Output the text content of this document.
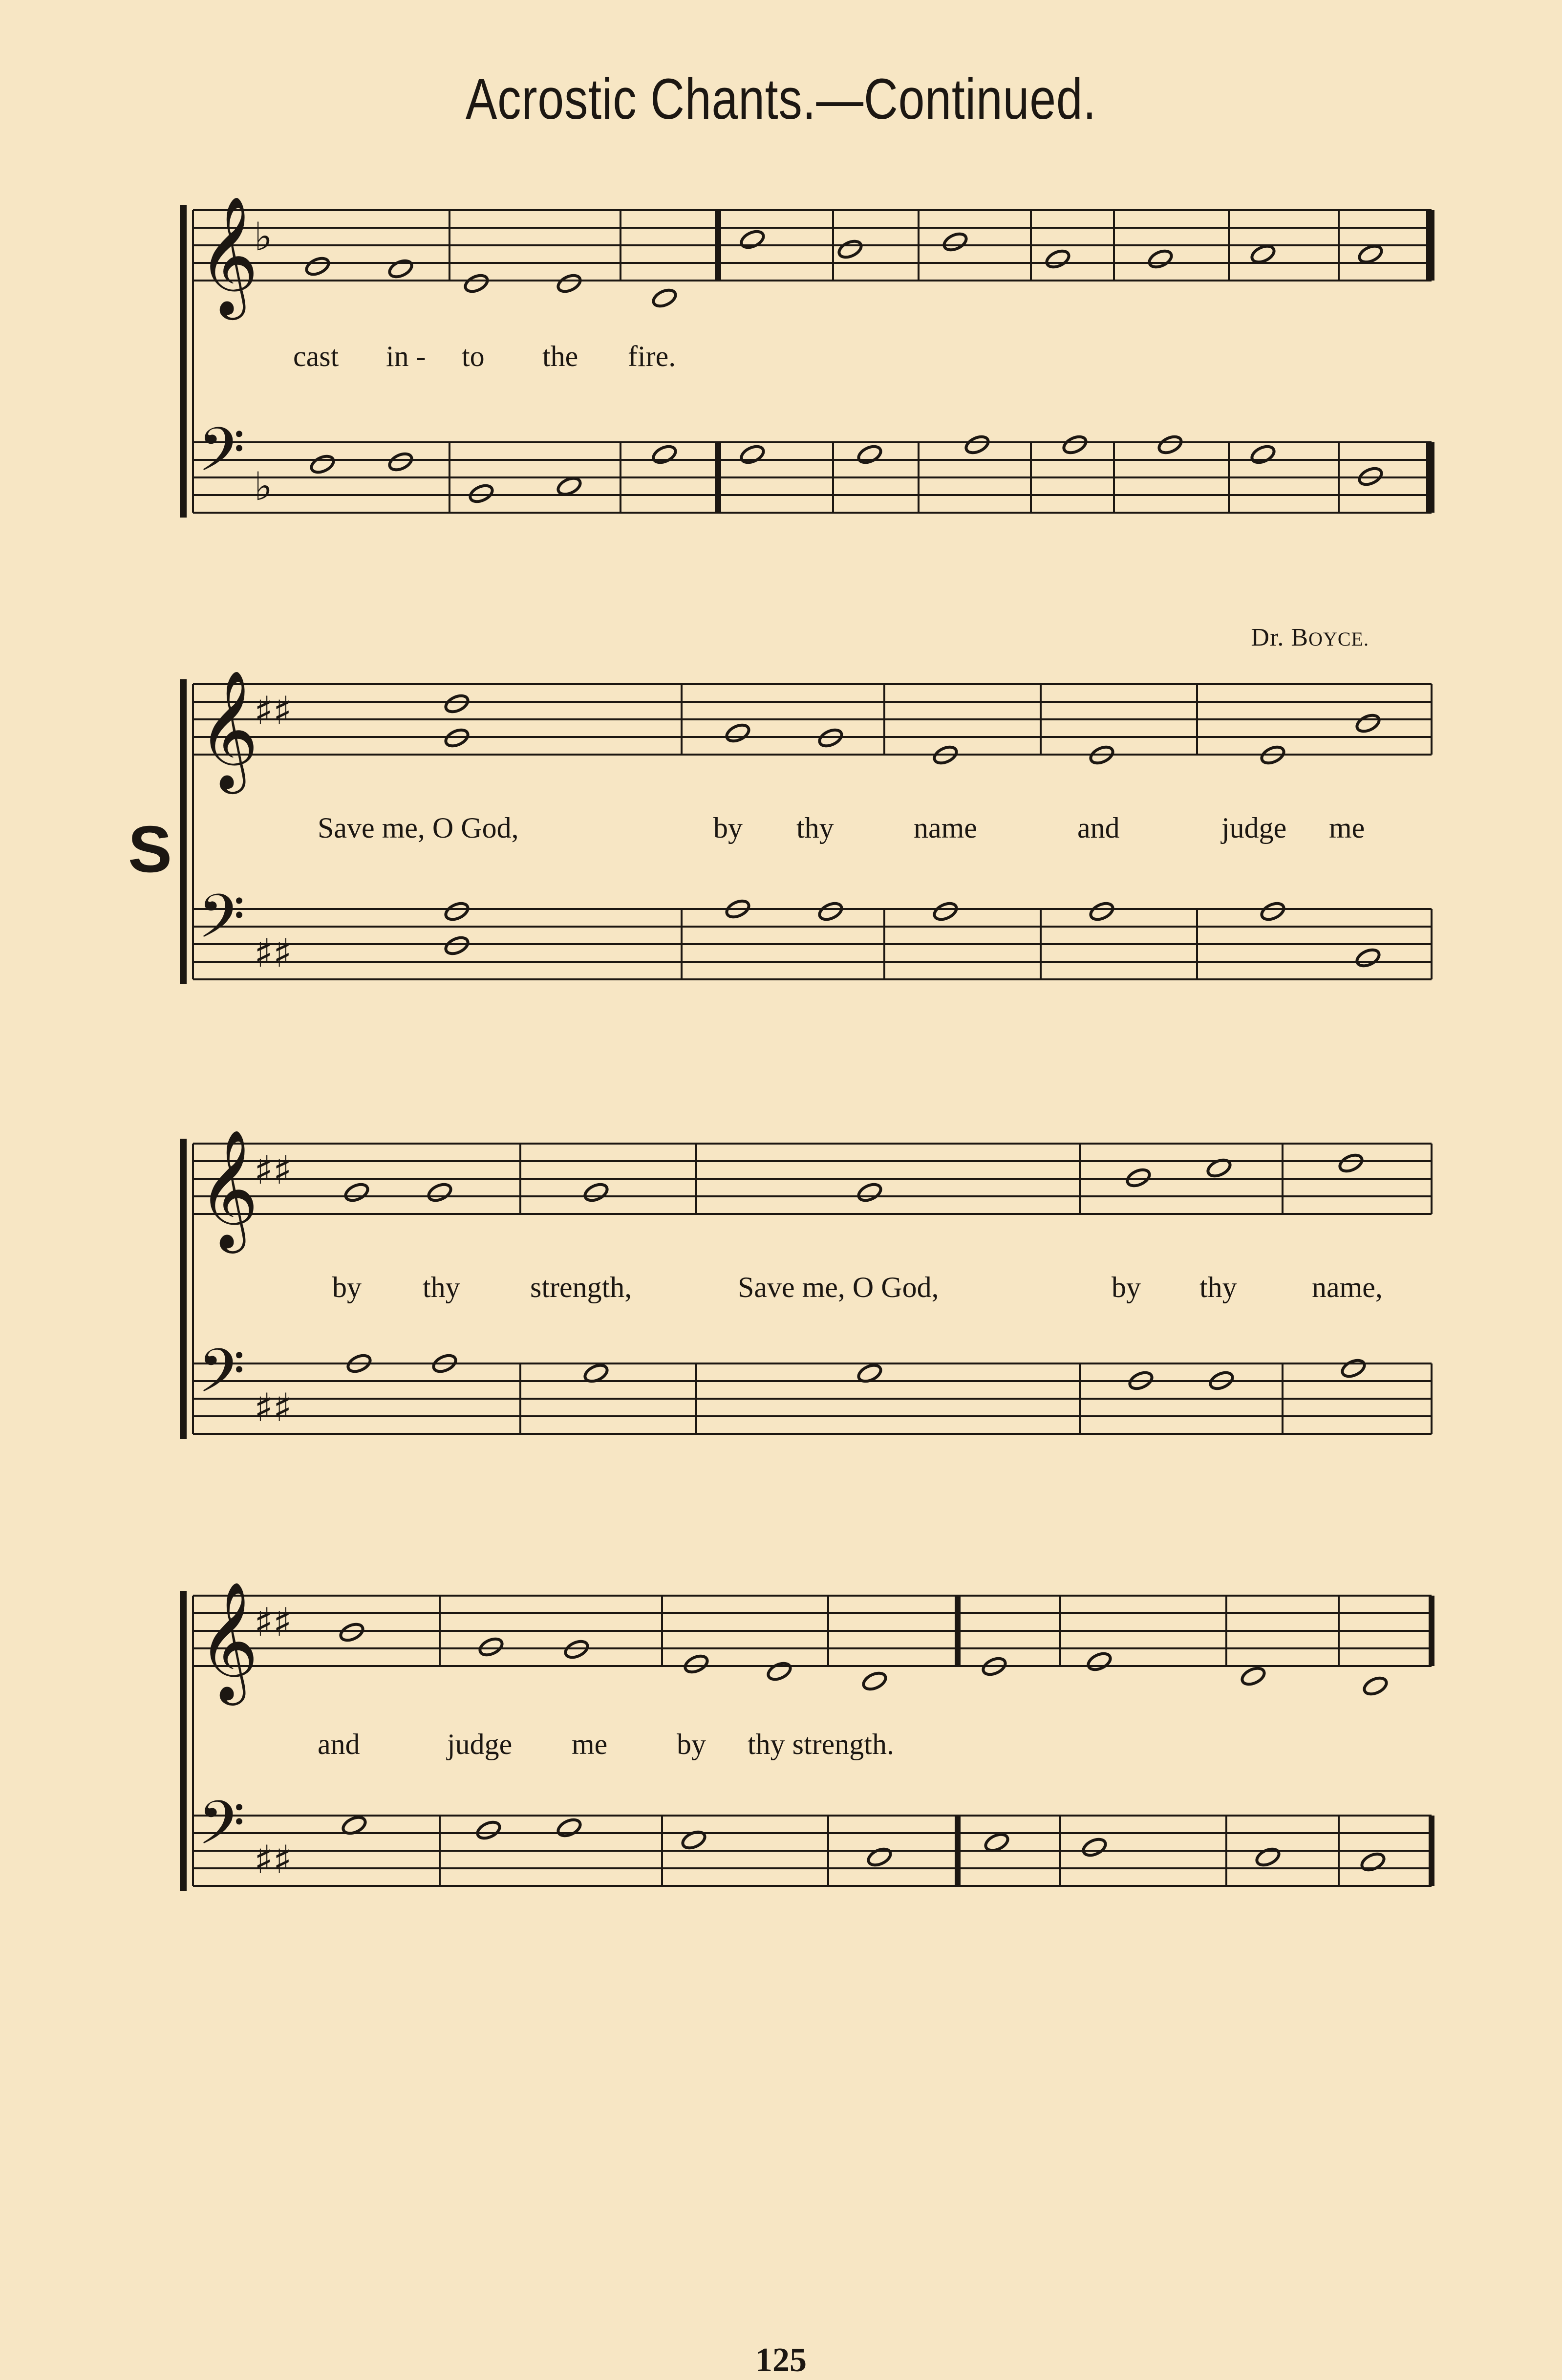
Acrostic Chants.—Continued.
𝄞
𝄢
♭
♭
𝄞
𝄢
♯♯
♯♯
𝄞
𝄢
♯♯
♯♯
𝄞
𝄢
♯♯
♯♯
Dr. BOYCE.
S
cast in - to the fire.
Save me, O God,	by thy	name	and	judge me
by thy strength,	Save me, O God,	by thy	name,
and	judge me by thy strength.
125
